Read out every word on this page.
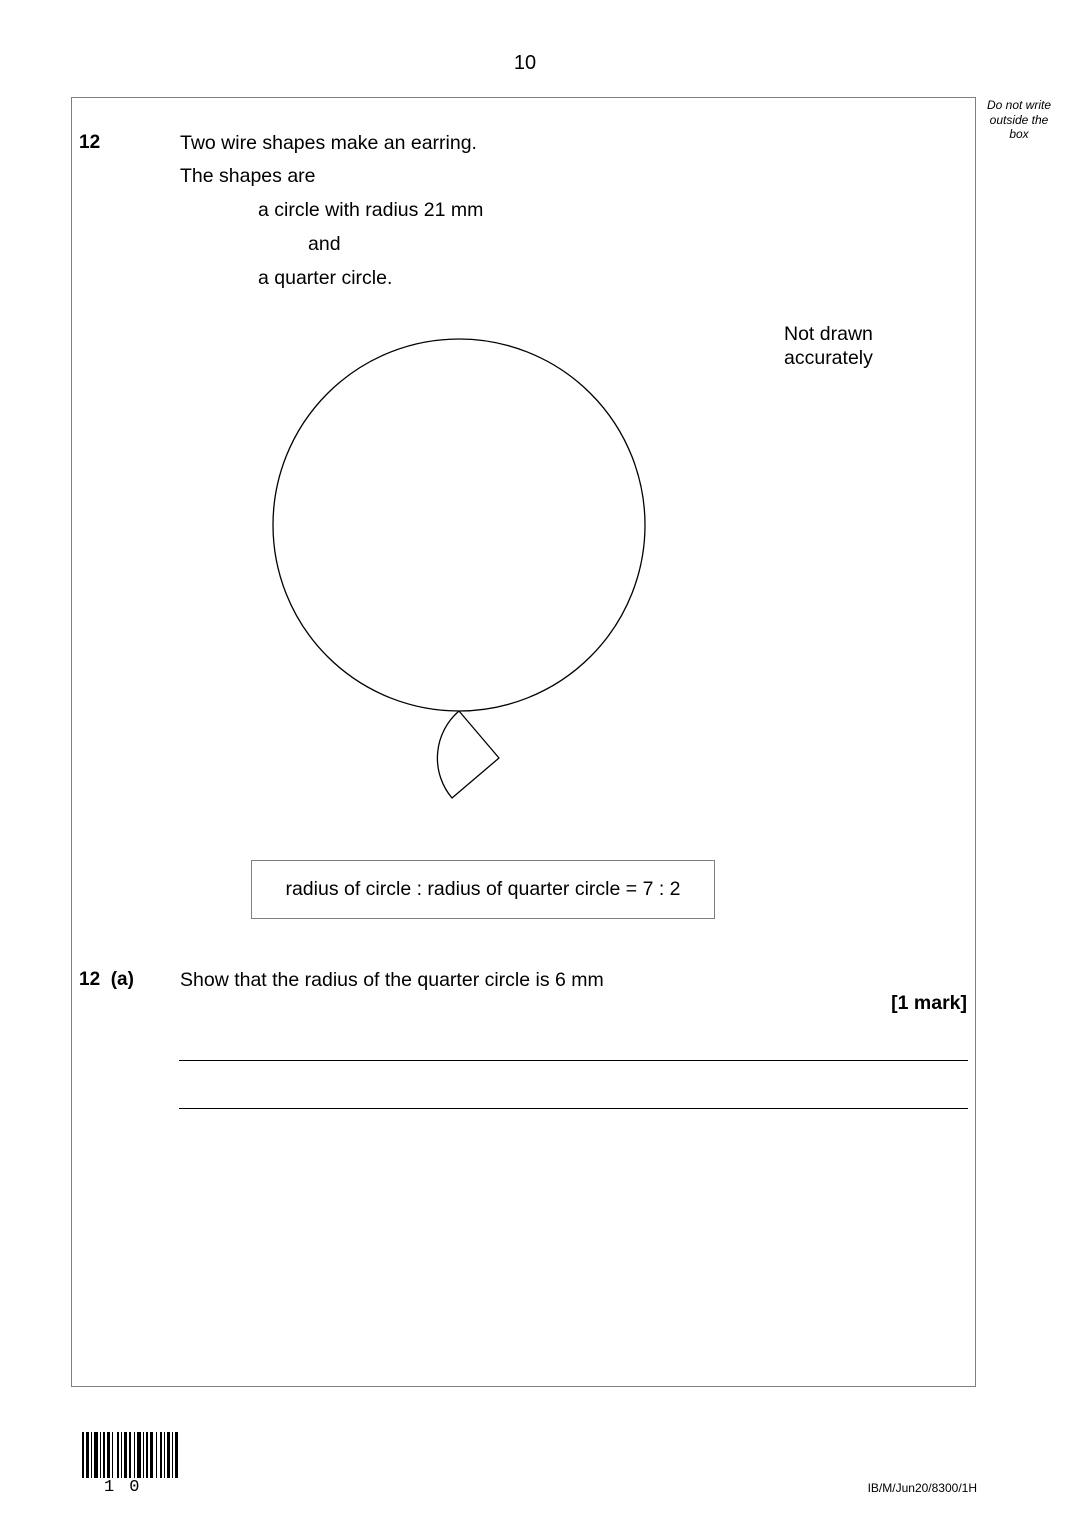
10
Do not write
outside the
box
12	Two wire shapes make an earring.
The shapes are
a circle with radius 21 mm
and
a quarter circle.
Not drawn
accurately
radius of circle : radius of quarter circle = 7 : 2
12  (a) Show that the radius of the quarter circle is 6 mm
[1 mark]
10	IB/M/Jun20/8300/1H
